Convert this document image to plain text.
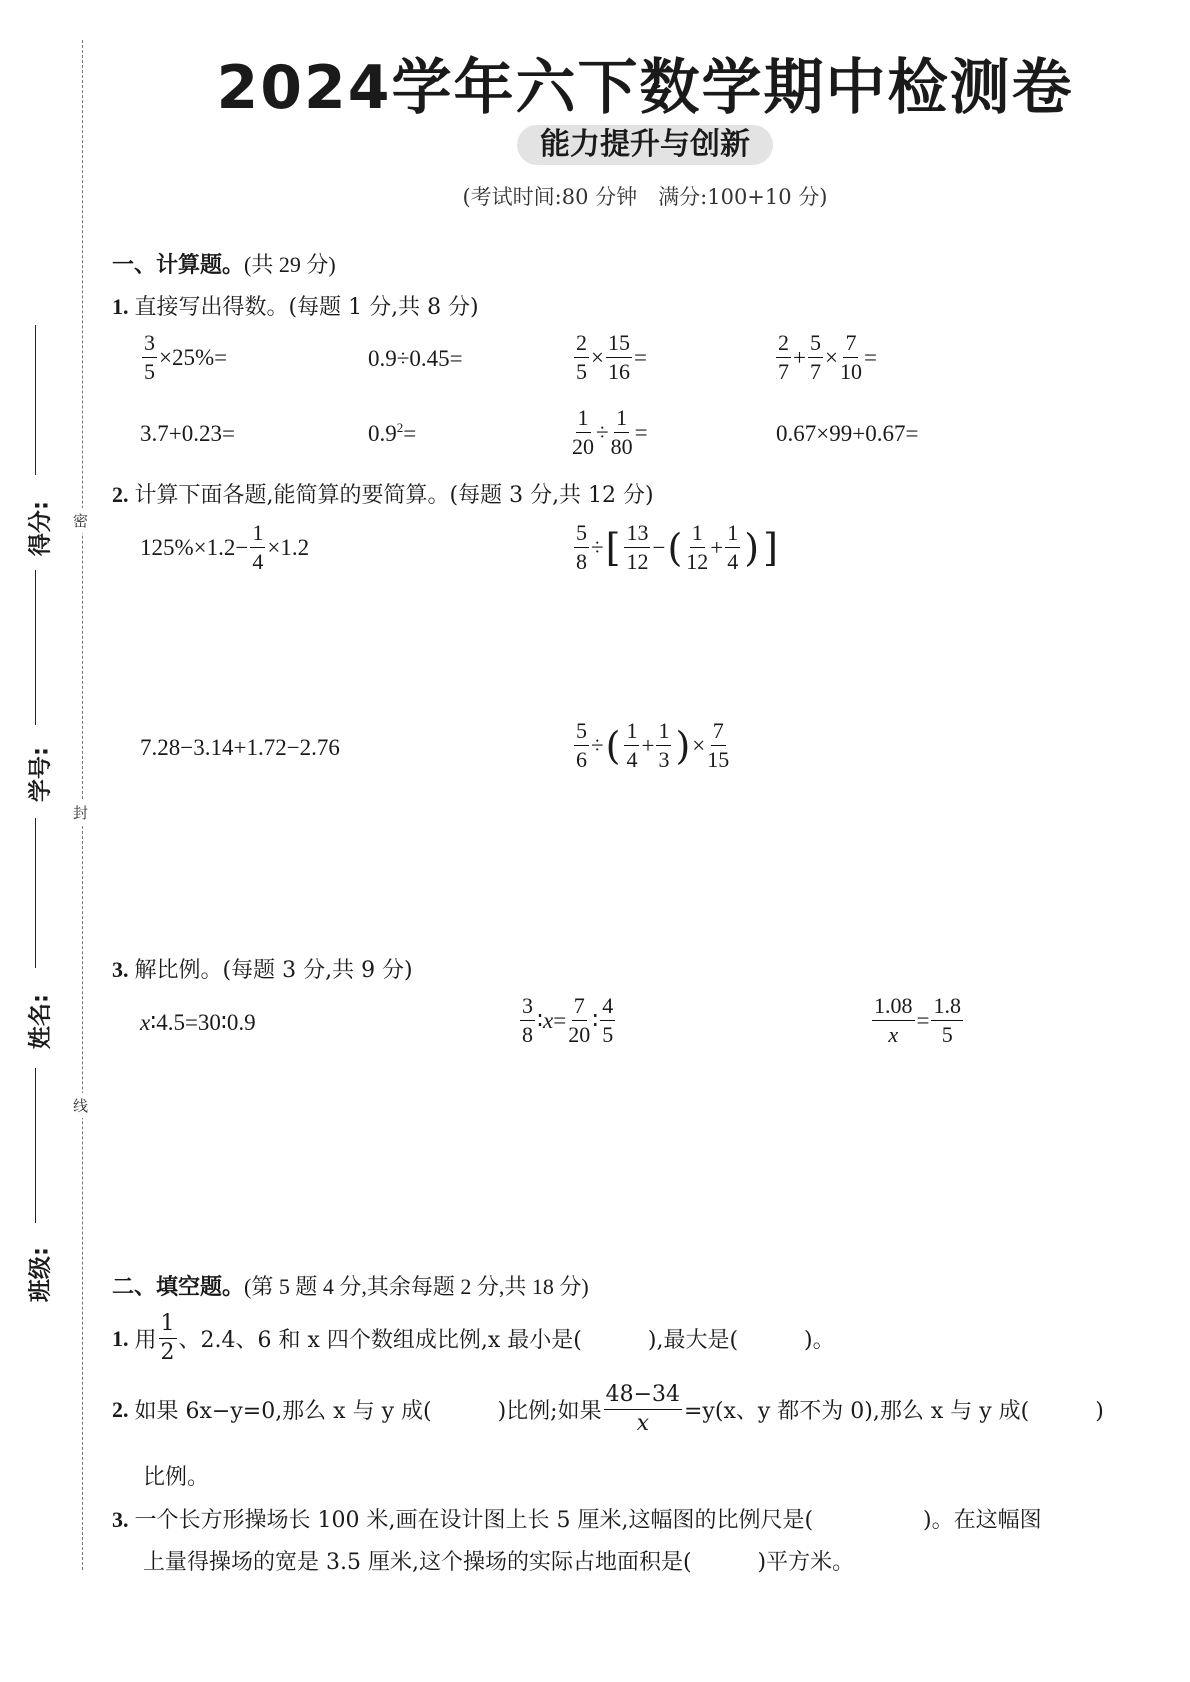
密
封
线
得分:
学号:
姓名:
班级:
2024学年六下数学期中检测卷
能力提升与创新
(考试时间:80 分钟　满分:100+10 分)
一、计算题。(共 29 分)
1. 直接写出得数。(每题 1 分,共 8 分)
$\frac{3}{5} \times 25\%=$	0.9÷0.45=	$\frac{2}{5} \times \frac{15}{16}$ =	$\frac{2}{7} + \frac{5}{7} \times \frac{7}{10}$ =
3.7+0.23=	$0.9^2$ =	$\frac{1}{20} \div \frac{1}{80}$ =	0.67×99+0.67=
2. 计算下面各题,能简算的要简算。(每题 3 分,共 12 分)
$125\%\times 1.2- \frac{1}{4} \times 1.2$	$\frac{5}{8}$ ÷ [ $\frac{13}{12}$ − ( $\frac{1}{12} + \frac{1}{4}$ ) ]
7.28−3.14+1.72−2.76	$\frac{5}{6}$ ÷ ( $\frac{1}{4} + \frac{1}{3}$ ) × $\frac{7}{15}$
3. 解比例。(每题 3 分,共 9 分)
x ∶4.5=30∶0.9	$\frac{3}{8}$ ∶ $x = \frac{7}{20}$ ∶ $\frac{4}{5}$	$\frac{1.08}{x} = \frac{1.8}{5}$
二、填空题。(第 5 题 4 分,其余每题 2 分,共 18 分)
1. 用 $\frac{1}{2}$ 、2.4、6 和 x 四个数组成比例,x 最小是(　　　),最大是(　　　)。
2. 如果 6x−y=0,那么 x 与 y 成(　　　)比例;如果 $\frac{48-34}{x} =y(x$、y 都不为 0),那么 x 与 y 成(　　　)
比例。
3. 一个长方形操场长 100 米,画在设计图上长 5 厘米,这幅图的比例尺是(　　　　　)。在这幅图
上量得操场的宽是 3.5 厘米,这个操场的实际占地面积是(　　　)平方米。
